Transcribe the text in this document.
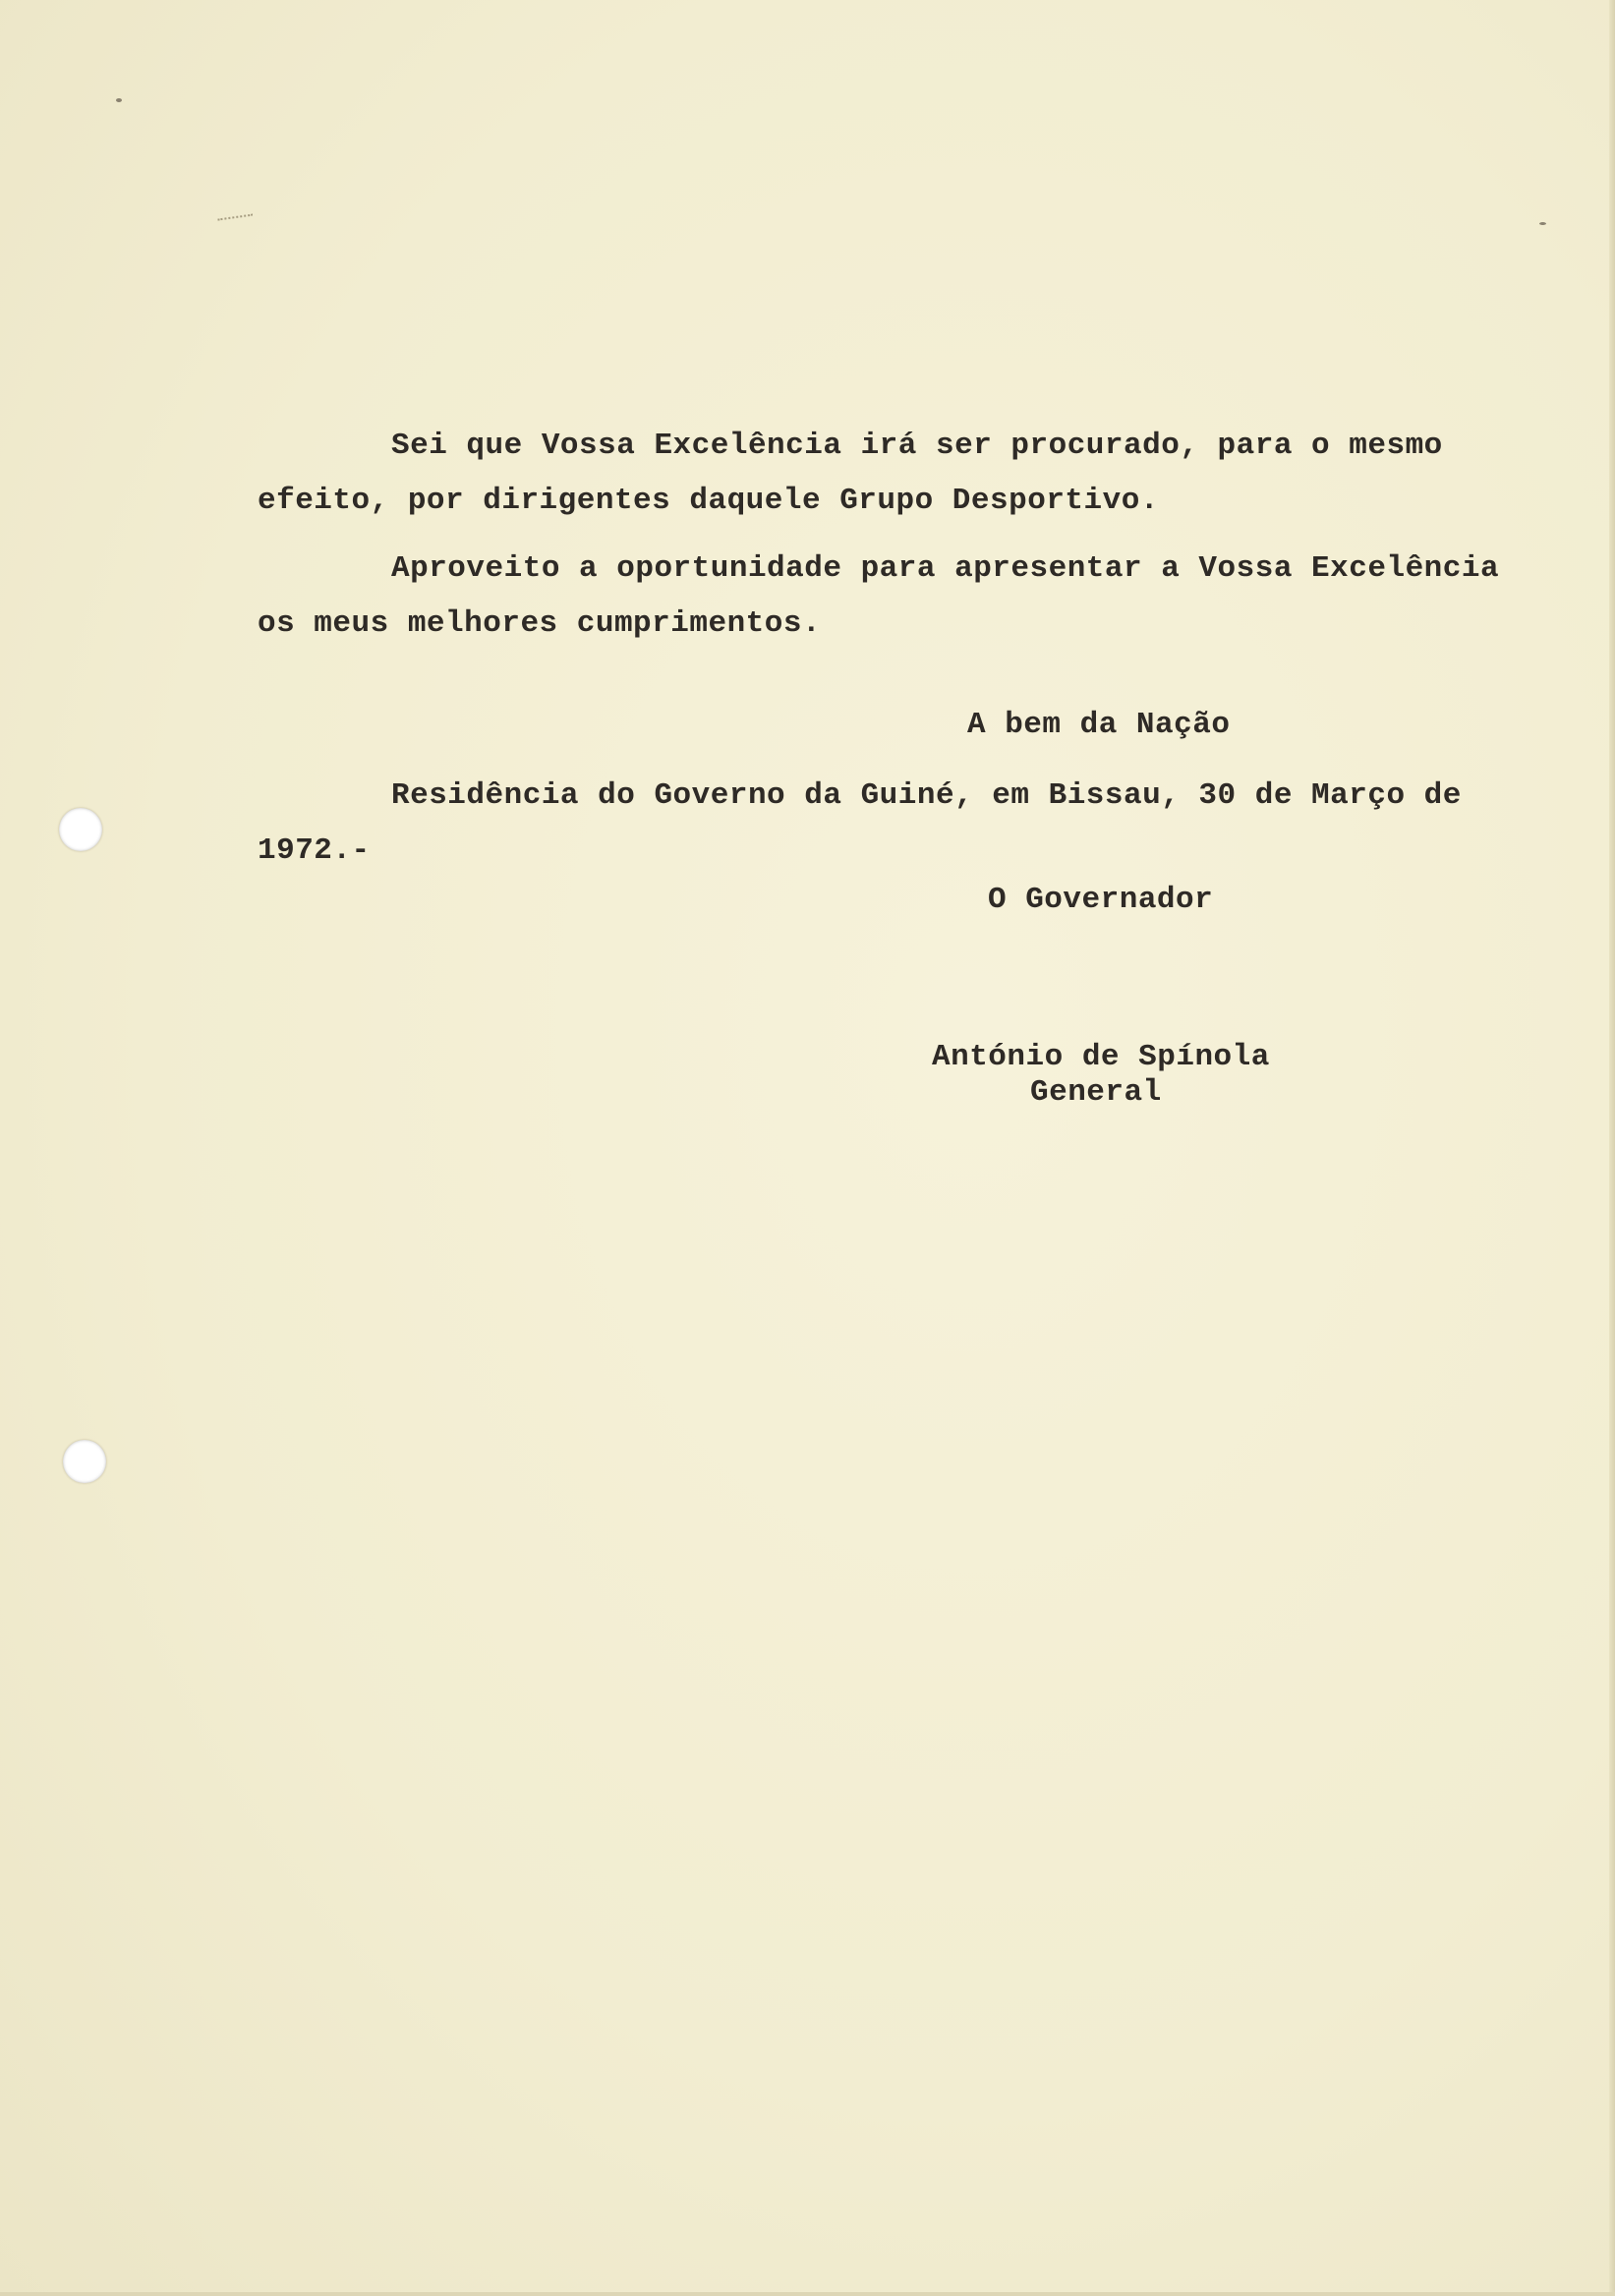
Sei que Vossa Excelência irá ser procurado, para o mesmo
efeito, por dirigentes daquele Grupo Desportivo.
Aproveito a oportunidade para apresentar a Vossa Excelência
os meus melhores cumprimentos.
A bem da Nação
Residência do Governo da Guiné, em Bissau, 30 de Março de
1972.-
O Governador
António de Spínola
General
